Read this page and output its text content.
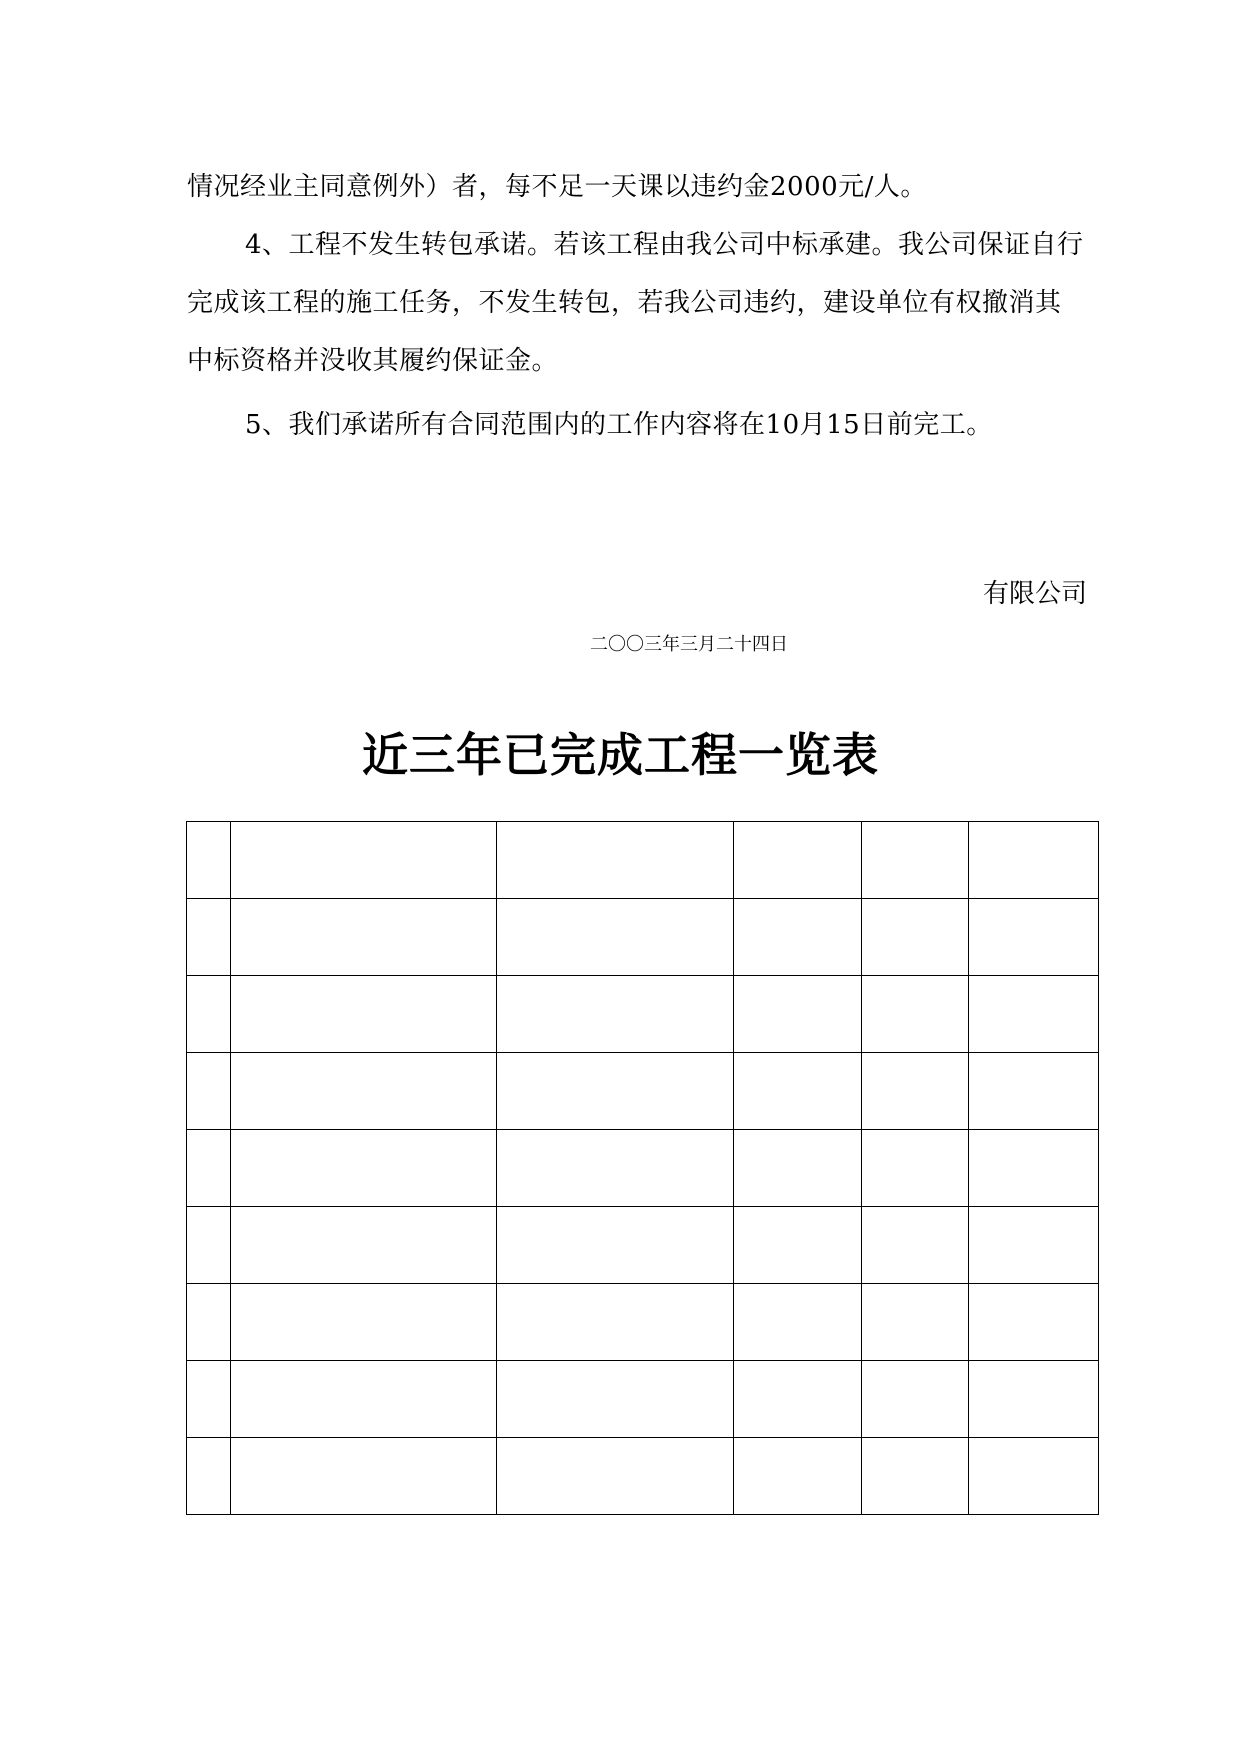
情况经业主同意例外）者，每不足一天课以违约金2000元/人。
4、工程不发生转包承诺。若该工程由我公司中标承建。我公司保证自行完成该工程的施工任务，不发生转包，若我公司违约，建设单位有权撤消其中标资格并没收其履约保证金。
5、我们承诺所有合同范围内的工作内容将在10月15日前完工。
有限公司
二〇〇三年三月二十四日
近三年已完成工程一览表
